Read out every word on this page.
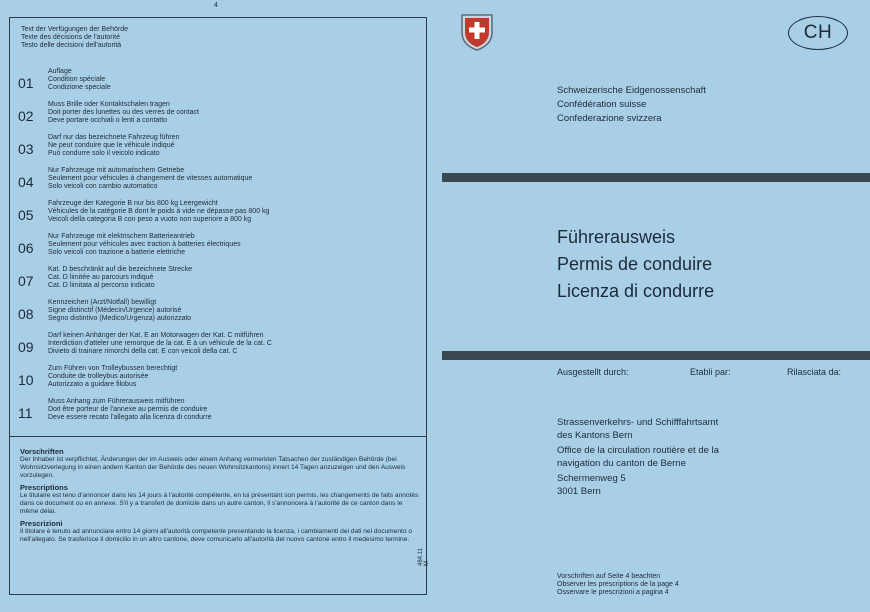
4
Text der Verfügungen der Behörde
Texte des décisions de l'autorité
Testo delle decisioni dell'autorità
01
Auflage
Condition spéciale
Condizione speciale
02
Muss Brille oder Kontaktschalen tragen
Doit porter des lunettes ou des verres de contact
Deve portare occhiali o lenti a contatto
03
Darf nur das bezeichnete Fahrzeug führen
Ne peut conduire que le véhicule indiqué
Può condurre solo il veicolo indicato
04
Nur Fahrzeuge mit automatischem Getriebe
Seulement pour véhicules à changement de vitesses automatique
Solo veicoli con cambio automatico
05
Fahrzeuge der Kategorie B nur bis 800 kg Leergewicht
Véhicules de la catégorie B dont le poids à vide ne dépasse pas 800 kg
Veicoli della categoria B con peso a vuoto non superiore a 800 kg
06
Nur Fahrzeuge mit elektrischem Batterieantrieb
Seulement pour véhicules avec traction à batteries électriques
Solo veicoli con trazione a batterie elettriche
07
Kat. D beschränkt auf die bezeichnete Strecke
Cat. D limitée au parcours indiqué
Cat. D limitata al percorso indicato
08
Kennzeichen (Arzt/Notfall) bewilligt
Signe distinctif (Médecin/Urgence) autorisé
Segno distintivo (Medico/Urgenza) autorizzato
09
Darf keinen Anhänger der Kat. E an Motorwagen der Kat. C mitführen
Interdiction d'atteler une remorque de la cat. E à un véhicule de la cat. C
Divieto di trainare rimorchi della cat. E con veicoli della cat. C
10
Zum Führen von Trolleybussen berechtigt
Conduite de trolleybus autorisée
Autorizzato a guidare filobus
11
Muss Anhang zum Führerausweis mitführen
Doit être porteur de l'annexe au permis de conduire
Deve essere recato l'allegato alla licenza di condurre
Vorschriften
Der Inhaber ist verpflichtet, Änderungen der im Ausweis oder einem Anhang vermerkten Tatsachen der zuständigen Behörde (bei Wohnsitzverlegung in einen andern Kanton der Behörde des neuen Wohnsitzkantons) innert 14 Tagen anzuzeigen und den Ausweis vorzulegen.
Prescriptions
Le titulaire est tenu d'annoncer dans les 14 jours à l'autorité compétente, en lui présentant son permis, les changements de faits annotés dans ce document ou en annexe. S'il y a transfert de domicile dans un autre canton, il s'annoncera à l'autorité de ce canton dans le même délai.
Prescrizioni
Il titolare è tenuto ad annunciare entro 14 giorni all'autorità competente presentando la licenza, i cambiamenti dei dati nel documento o nell'allegato. Se trasferisce il domicilio in un altro cantone, deve comunicarlo all'autorità del nuovo cantone entro il medesimo termine.
484.11 M
CH
Schweizerische Eidgenossenschaft
Confédération suisse
Confederazione svizzera
Führerausweis
Permis de conduire
Licenza di condurre
Ausgestellt durch:	Etabli par:	Rilasciata da:
Strassenverkehrs- und Schifffahrtsamt
des Kantons Bern
Office de la circulation routière et de la
navigation du canton de Berne
Schermenweg 5
3001 Bern
Vorschriften auf Seite 4 beachten
Observer les prescriptions de la page 4
Osservare le prescrizioni a pagina 4
